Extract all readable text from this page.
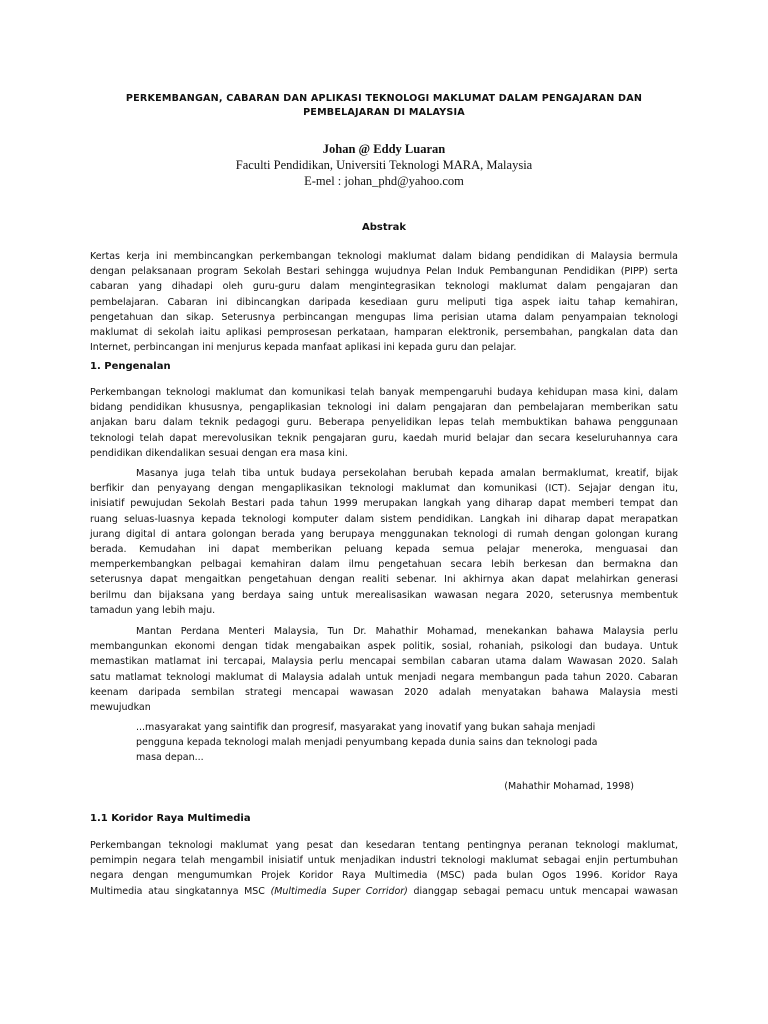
PERKEMBANGAN, CABARAN DAN APLIKASI TEKNOLOGI MAKLUMAT DALAM PENGAJARAN DAN
PEMBELAJARAN DI MALAYSIA
Johan @ Eddy Luaran
Faculti Pendidikan, Universiti Teknologi MARA, Malaysia
E-mel : johan_phd@yahoo.com
Abstrak
Kertas kerja ini membincangkan perkembangan teknologi maklumat dalam bidang pendidikan di Malaysia bermula
dengan pelaksanaan program Sekolah Bestari sehingga wujudnya Pelan Induk Pembangunan Pendidikan (PIPP) serta
cabaran yang dihadapi oleh guru-guru dalam mengintegrasikan teknologi maklumat dalam pengajaran dan
pembelajaran. Cabaran ini dibincangkan daripada kesediaan guru meliputi tiga aspek iaitu tahap kemahiran,
pengetahuan dan sikap. Seterusnya perbincangan mengupas lima perisian utama dalam penyampaian teknologi
maklumat di sekolah iaitu aplikasi pemprosesan perkataan, hamparan elektronik, persembahan, pangkalan data dan
Internet, perbincangan ini menjurus kepada manfaat aplikasi ini kepada guru dan pelajar.
1. Pengenalan
Perkembangan teknologi maklumat dan komunikasi telah banyak mempengaruhi budaya kehidupan masa kini, dalam
bidang pendidikan khususnya, pengaplikasian teknologi ini dalam pengajaran dan pembelajaran memberikan satu
anjakan baru dalam teknik pedagogi guru. Beberapa penyelidikan lepas telah membuktikan bahawa penggunaan
teknologi telah dapat merevolusikan teknik pengajaran guru, kaedah murid belajar dan secara keseluruhannya cara
pendidikan dikendalikan sesuai dengan era masa kini.
Masanya juga telah tiba untuk budaya persekolahan berubah kepada amalan bermaklumat, kreatif, bijak
berfikir dan penyayang dengan mengaplikasikan teknologi maklumat dan komunikasi (ICT). Sejajar dengan itu,
inisiatif pewujudan Sekolah Bestari pada tahun 1999 merupakan langkah yang diharap dapat memberi tempat dan
ruang seluas-luasnya kepada teknologi komputer dalam sistem pendidikan. Langkah ini diharap dapat merapatkan
jurang digital di antara golongan berada yang berupaya menggunakan teknologi di rumah dengan golongan kurang
berada. Kemudahan ini dapat memberikan peluang kepada semua pelajar meneroka, menguasai dan
memperkembangkan pelbagai kemahiran dalam ilmu pengetahuan secara lebih berkesan dan bermakna dan
seterusnya dapat mengaitkan pengetahuan dengan realiti sebenar. Ini akhirnya akan dapat melahirkan generasi
berilmu dan bijaksana yang berdaya saing untuk merealisasikan wawasan negara 2020, seterusnya membentuk
tamadun yang lebih maju.
Mantan Perdana Menteri Malaysia, Tun Dr. Mahathir Mohamad, menekankan bahawa Malaysia perlu
membangunkan ekonomi dengan tidak mengabaikan aspek politik, sosial, rohaniah, psikologi dan budaya. Untuk
memastikan matlamat ini tercapai, Malaysia perlu mencapai sembilan cabaran utama dalam Wawasan 2020. Salah
satu matlamat teknologi maklumat di Malaysia adalah untuk menjadi negara membangun pada tahun 2020. Cabaran
keenam daripada sembilan strategi mencapai wawasan 2020 adalah menyatakan bahawa Malaysia mesti
mewujudkan
...masyarakat yang saintifik dan progresif, masyarakat yang inovatif yang bukan sahaja menjadi
pengguna kepada teknologi malah menjadi penyumbang kepada dunia sains dan teknologi pada
masa depan...
(Mahathir Mohamad, 1998)
1.1 Koridor Raya Multimedia
Perkembangan teknologi maklumat yang pesat dan kesedaran tentang pentingnya peranan teknologi maklumat,
pemimpin negara telah mengambil inisiatif untuk menjadikan industri teknologi maklumat sebagai enjin pertumbuhan
negara dengan mengumumkan Projek Koridor Raya Multimedia (MSC) pada bulan Ogos 1996. Koridor Raya
Multimedia atau singkatannya MSC (Multimedia Super Corridor) dianggap sebagai pemacu untuk mencapai wawasan
